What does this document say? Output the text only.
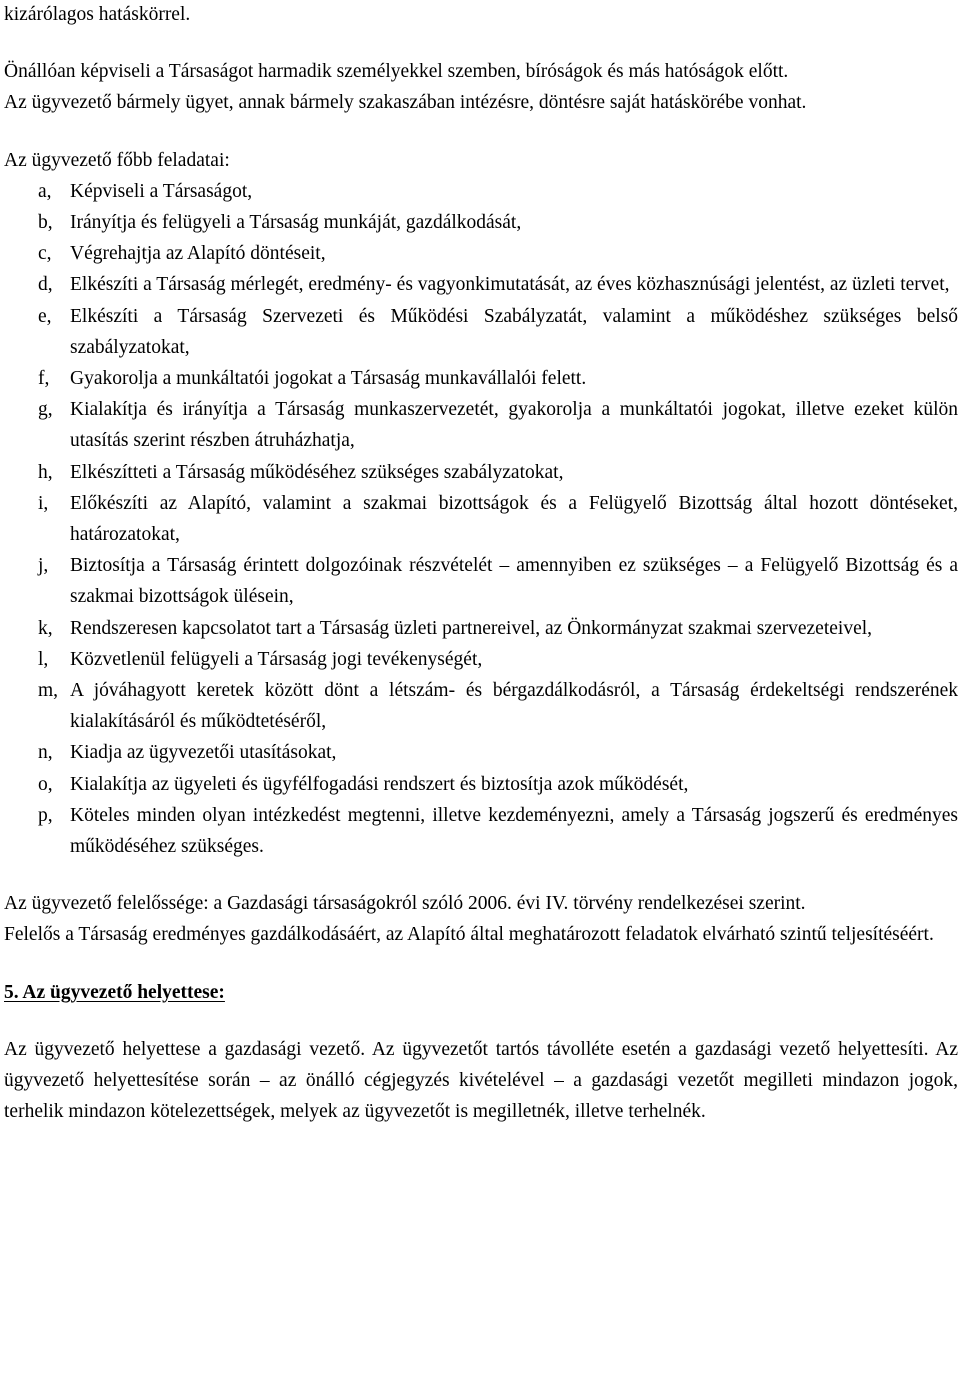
kizárólagos hatáskörrel.

Önállóan képviseli a Társaságot harmadik személyekkel szemben, bíróságok és más hatóságok előtt.

Az ügyvezető bármely ügyet, annak bármely szakaszában intézésre, döntésre saját hatáskörébe vonhat.

Az ügyvezető főbb feladatai:

a, Képviseli a Társaságot,
b, Irányítja és felügyeli a Társaság munkáját, gazdálkodását,
c, Végrehajtja az Alapító döntéseit,
d, Elkészíti a Társaság mérlegét, eredmény- és vagyonkimutatását, az éves közhasznúsági jelentést, az üzleti tervet,
e, Elkészíti a Társaság Szervezeti és Működési Szabályzatát, valamint a működéshez szükséges belső szabályzatokat,
f, Gyakorolja a munkáltatói jogokat a Társaság munkavállalói felett.
g, Kialakítja és irányítja a Társaság munkaszervezetét, gyakorolja a munkáltatói jogokat, illetve ezeket külön utasítás szerint részben átruházhatja,
h, Elkészítteti a Társaság működéséhez szükséges szabályzatokat,
i, Előkészíti az Alapító, valamint a szakmai bizottságok és a Felügyelő Bizottság által hozott döntéseket, határozatokat,
j, Biztosítja a Társaság érintett dolgozóinak részvételét – amennyiben ez szükséges – a Felügyelő Bizottság és a szakmai bizottságok ülésein,
k, Rendszeresen kapcsolatot tart a Társaság üzleti partnereivel, az Önkormányzat szakmai szervezeteivel,
l, Közvetlenül felügyeli a Társaság jogi tevékenységét,
m, A jóváhagyott keretek között dönt a létszám- és bérgazdálkodásról, a Társaság érdekeltségi rendszerének kialakításáról és működtetéséről,
n, Kiadja az ügyvezetői utasításokat,
o, Kialakítja az ügyeleti és ügyfélfogadási rendszert és biztosítja azok működését,
p, Köteles minden olyan intézkedést megtenni, illetve kezdeményezni, amely a Társaság jogszerű és eredményes működéséhez szükséges.

Az ügyvezető felelőssége: a Gazdasági társaságokról szóló 2006. évi IV. törvény rendelkezései szerint.

Felelős a Társaság eredményes gazdálkodásáért, az Alapító által meghatározott feladatok elvárható szintű teljesítéséért.

5. Az ügyvezető helyettese:

Az ügyvezető helyettese a gazdasági vezető. Az ügyvezetőt tartós távolléte esetén a gazdasági vezető helyettesíti. Az ügyvezető helyettesítése során – az önálló cégjegyzés kivételével – a gazdasági vezetőt megilleti mindazon jogok, terhelik mindazon kötelezettségek, melyek az ügyvezetőt is megilletnék, illetve terhelnék.
